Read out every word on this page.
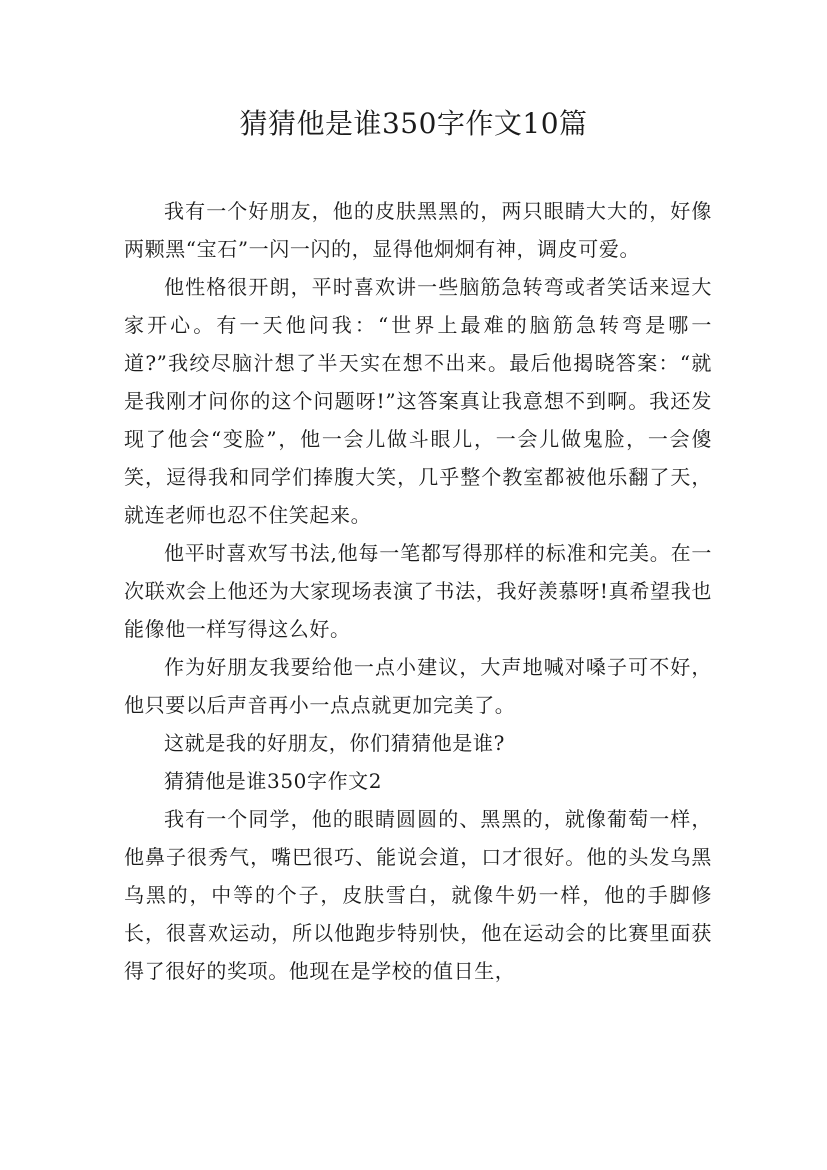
猜猜他是谁350字作文10篇

我有一个好朋友，他的皮肤黑黑的，两只眼睛大大的，好像两颗黑“宝石”一闪一闪的，显得他炯炯有神，调皮可爱。

他性格很开朗，平时喜欢讲一些脑筋急转弯或者笑话来逗大家开心。有一天他问我：“世界上最难的脑筋急转弯是哪一道?”我绞尽脑汁想了半天实在想不出来。最后他揭晓答案：“就是我刚才问你的这个问题呀!”这答案真让我意想不到啊。我还发现了他会“变脸”，他一会儿做斗眼儿，一会儿做鬼脸，一会傻笑，逗得我和同学们捧腹大笑，几乎整个教室都被他乐翻了天，就连老师也忍不住笑起来。

他平时喜欢写书法,他每一笔都写得那样的标准和完美。在一次联欢会上他还为大家现场表演了书法，我好羡慕呀!真希望我也能像他一样写得这么好。

作为好朋友我要给他一点小建议，大声地喊对嗓子可不好，他只要以后声音再小一点点就更加完美了。

这就是我的好朋友，你们猜猜他是谁?

猜猜他是谁350字作文2

我有一个同学，他的眼睛圆圆的、黑黑的，就像葡萄一样，他鼻子很秀气，嘴巴很巧、能说会道，口才很好。他的头发乌黑乌黑的，中等的个子，皮肤雪白，就像牛奶一样，他的手脚修长，很喜欢运动，所以他跑步特别快，他在运动会的比赛里面获得了很好的奖项。他现在是学校的值日生，
